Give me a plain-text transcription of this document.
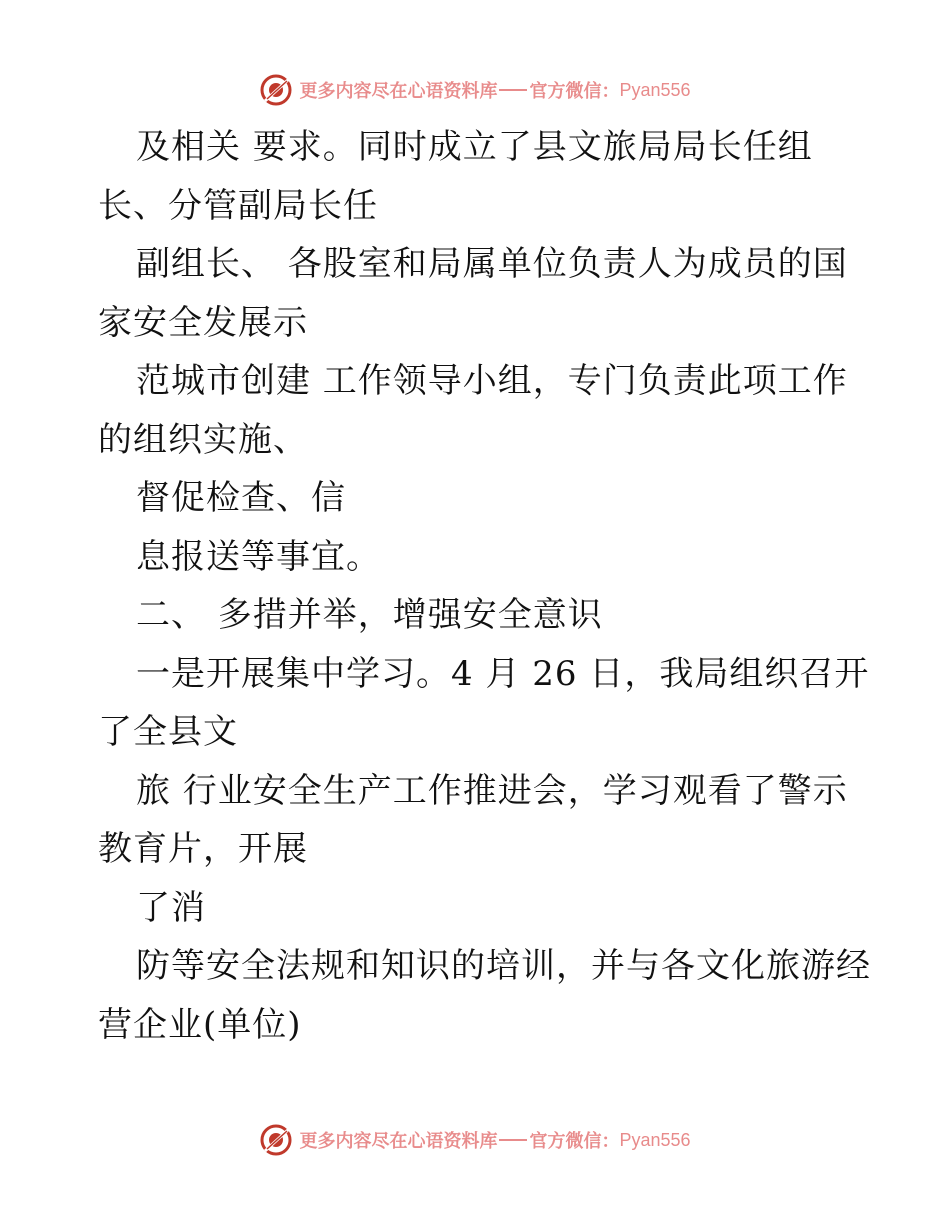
更多内容尽在心语资料库 官方微信： Pyan556
及相关 要求。同时成立了县文旅局局长任组
长、分管副局长任
副组长、 各股室和局属单位负责人为成员的国
家安全发展示
范城市创建 工作领导小组，专门负责此项工作
的组织实施、
督促检查、信
息报送等事宜。
二、 多措并举，增强安全意识
一是开展集中学习。4 月 26 日，我局组织召开
了全县文
旅 行业安全生产工作推进会，学习观看了警示
教育片，开展
了消
防等安全法规和知识的培训，并与各文化旅游经
营企业(单位)
更多内容尽在心语资料库 官方微信： Pyan556
